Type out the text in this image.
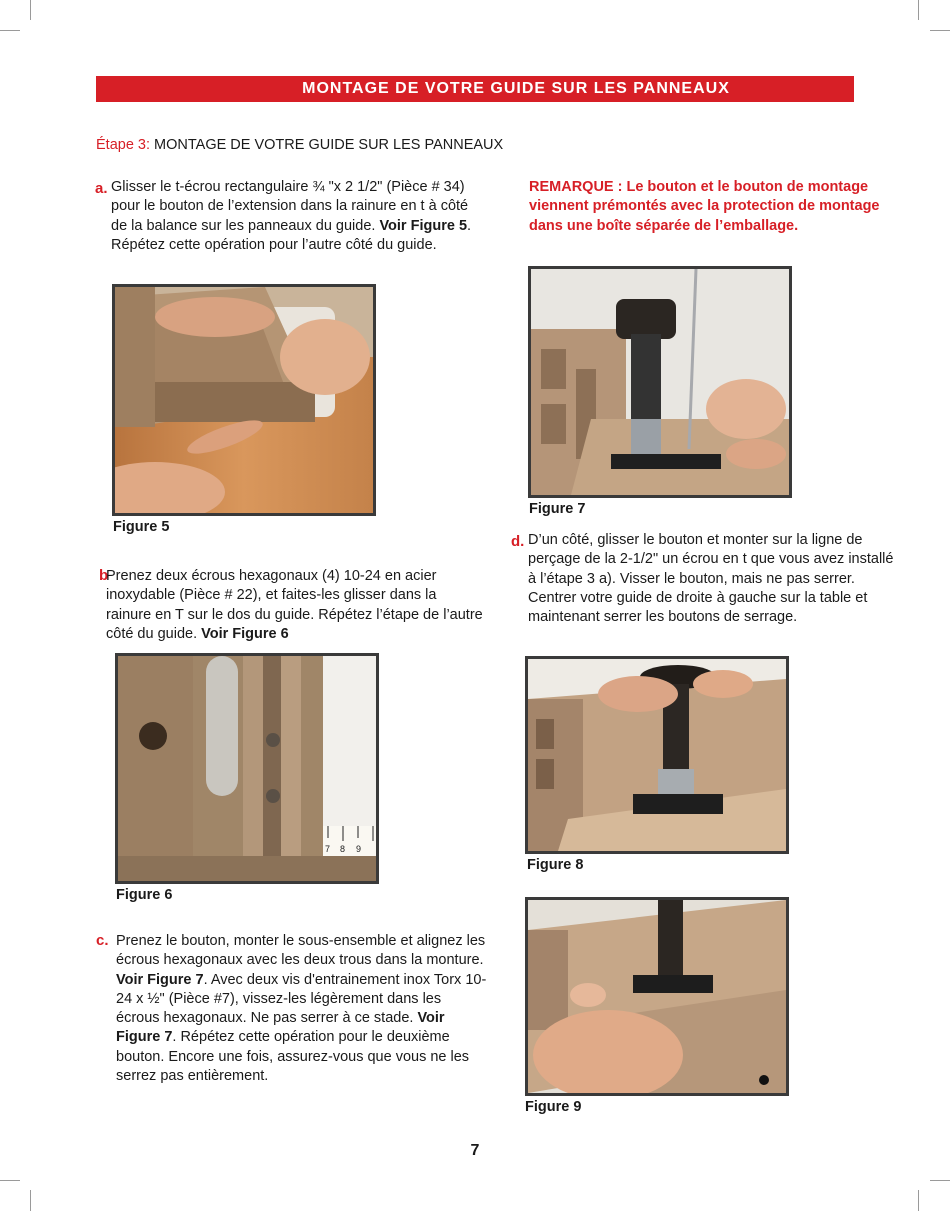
MONTAGE DE VOTRE GUIDE SUR LES PANNEAUX
Étape 3: MONTAGE DE VOTRE GUIDE SUR LES PANNEAUX
a. Glisser le t-écrou rectangulaire ¾ "x 2 1/2" (Pièce # 34) pour le bouton de l’extension dans la rainure en t à côté de la balance sur les panneaux du guide. Voir Figure 5. Répétez cette opération pour l’autre côté du guide.
Figure 5
b
Prenez deux écrous hexagonaux (4) 10-24 en acier inoxydable (Pièce # 22), et faites-les glisser dans la rainure en T sur le dos du guide. Répétez l’étape de l’autre côté du guide. Voir Figure 6
7 8 9
Figure 6
c. Prenez le bouton, monter le sous-ensemble et alignez les écrous hexagonaux avec les deux trous dans la monture. Voir Figure 7. Avec deux vis d'entrainement inox Torx 10-24 x ½" (Pièce #7), vissez-les légèrement dans les écrous hexagonaux. Ne pas serrer à ce stade. Voir Figure 7. Répétez cette opération pour le deuxième bouton. Encore une fois, assurez-vous que vous ne les serrez pas entièrement.
REMARQUE : Le bouton et le bouton de montage viennent prémontés avec la protection de montage dans une boîte séparée de l’emballage.
Figure 7
d. D’un côté, glisser le bouton et monter sur la ligne de perçage de la 2-1/2" un écrou en t que vous avez installé à l’étape 3 a). Visser le bouton, mais ne pas serrer. Centrer votre guide de droite à gauche sur la table et maintenant serrer les boutons de serrage.
Figure 8
Figure 9
7
